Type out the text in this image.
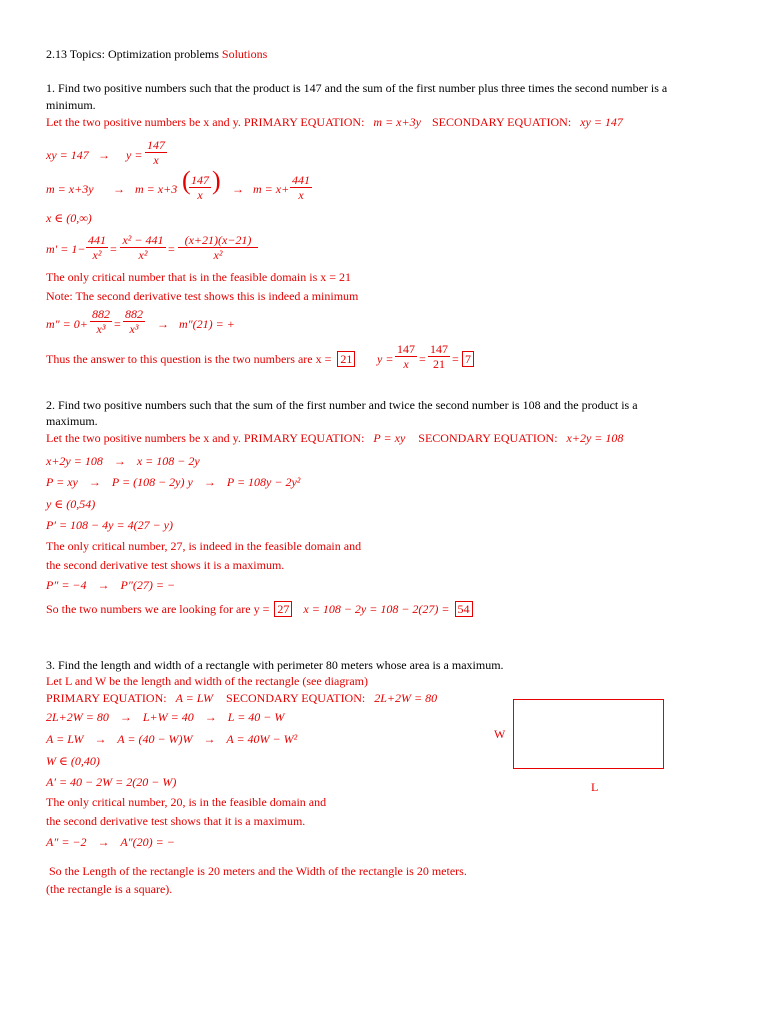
2.13 Topics: Optimization problems Solutions
1. Find two positive numbers such that the product is 147 and the sum of the first number plus three times the second number is a
minimum.
Let the two positive numbers be x and y. PRIMARY EQUATION: m = x+3y SECONDARY EQUATION: xy = 147
xy = 147 → y =
147
x
m = x+3y → m = x+3 ( 147
x ) → m = x+
441
x
x ∈ (0,∞)
m′ = 1−
441
x² =
x² − 441
x²	=
(x+21)(x−21)
x²
The only critical number that is in the feasible domain is x = 21
Note: The second derivative test shows this is indeed a minimum
m″ = 0+
882
x³ =
882
x³	→ m″(21) = +
Thus the answer to this question is the two numbers are x = 21 y =
147
x =
147
21 = 7
2. Find two positive numbers such that the sum of the first number and twice the second number is 108 and the product is a
maximum.
Let the two positive numbers be x and y. PRIMARY EQUATION: P = xy SECONDARY EQUATION: x+2y = 108
x+2y = 108 → x = 108 − 2y
P = xy → P = (108 − 2y) y → P = 108y − 2y²
y ∈ (0,54)
P′ = 108 − 4y = 4(27 − y)
The only critical number, 27, is indeed in the feasible domain and
the second derivative test shows it is a maximum.
P″ = −4 → P″(27) = −
So the two numbers we are looking for are y = 27 x = 108 − 2y = 108 − 2(27) = 54
3. Find the length and width of a rectangle with perimeter 80 meters whose area is a maximum.
Let L and W be the length and width of the rectangle (see diagram)
PRIMARY EQUATION: A = LW SECONDARY EQUATION: 2L+2W = 80
2L+2W = 80 → L+W = 40 → L = 40 − W
A = LW → A = (40 − W)W → A = 40W − W²
W ∈ (0,40)
A′ = 40 − 2W = 2(20 − W)
The only critical number, 20, is in the feasible domain and
the second derivative test shows that it is a maximum.
A″ = −2 → A″(20) = −
So the Length of the rectangle is 20 meters and the Width of the rectangle is 20 meters.
(the rectangle is a square).
W
L
